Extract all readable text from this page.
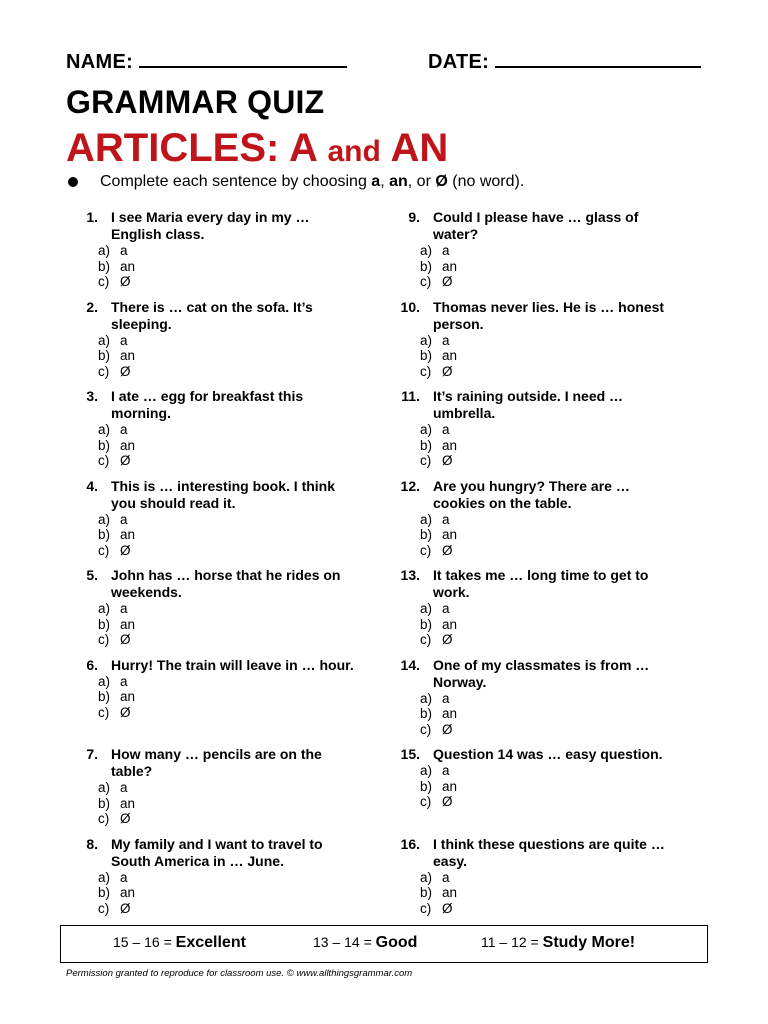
NAME:	DATE:
GRAMMAR QUIZ
ARTICLES: A and AN
Complete each sentence by choosing a, an, or Ø (no word).
1. I see Maria every day in my … English class.
a) a
b) an
c) Ø
2. There is … cat on the sofa. It’s sleeping.
a) a
b) an
c) Ø
3. I ate … egg for breakfast this morning.
a) a
b) an
c) Ø
4. This is … interesting book. I think you should read it.
a) a
b) an
c) Ø
5. John has … horse that he rides on weekends.
a) a
b) an
c) Ø
6. Hurry! The train will leave in … hour.
a) a
b) an
c) Ø
7. How many … pencils are on the table?
a) a
b) an
c) Ø
8. My family and I want to travel to South America in … June.
a) a
b) an
c) Ø
9. Could I please have … glass of water?
a) a
b) an
c) Ø
10. Thomas never lies. He is … honest person.
a) a
b) an
c) Ø
11. It’s raining outside. I need … umbrella.
a) a
b) an
c) Ø
12. Are you hungry? There are … cookies on the table.
a) a
b) an
c) Ø
13. It takes me … long time to get to work.
a) a
b) an
c) Ø
14. One of my classmates is from … Norway.
a) a
b) an
c) Ø
15. Question 14 was … easy question.
a) a
b) an
c) Ø
16. I think these questions are quite … easy.
a) a
b) an
c) Ø
15 – 16 = Excellent	13 – 14 = Good	11 – 12 = Study More!
Permission granted to reproduce for classroom use. © www.allthingsgrammar.com
